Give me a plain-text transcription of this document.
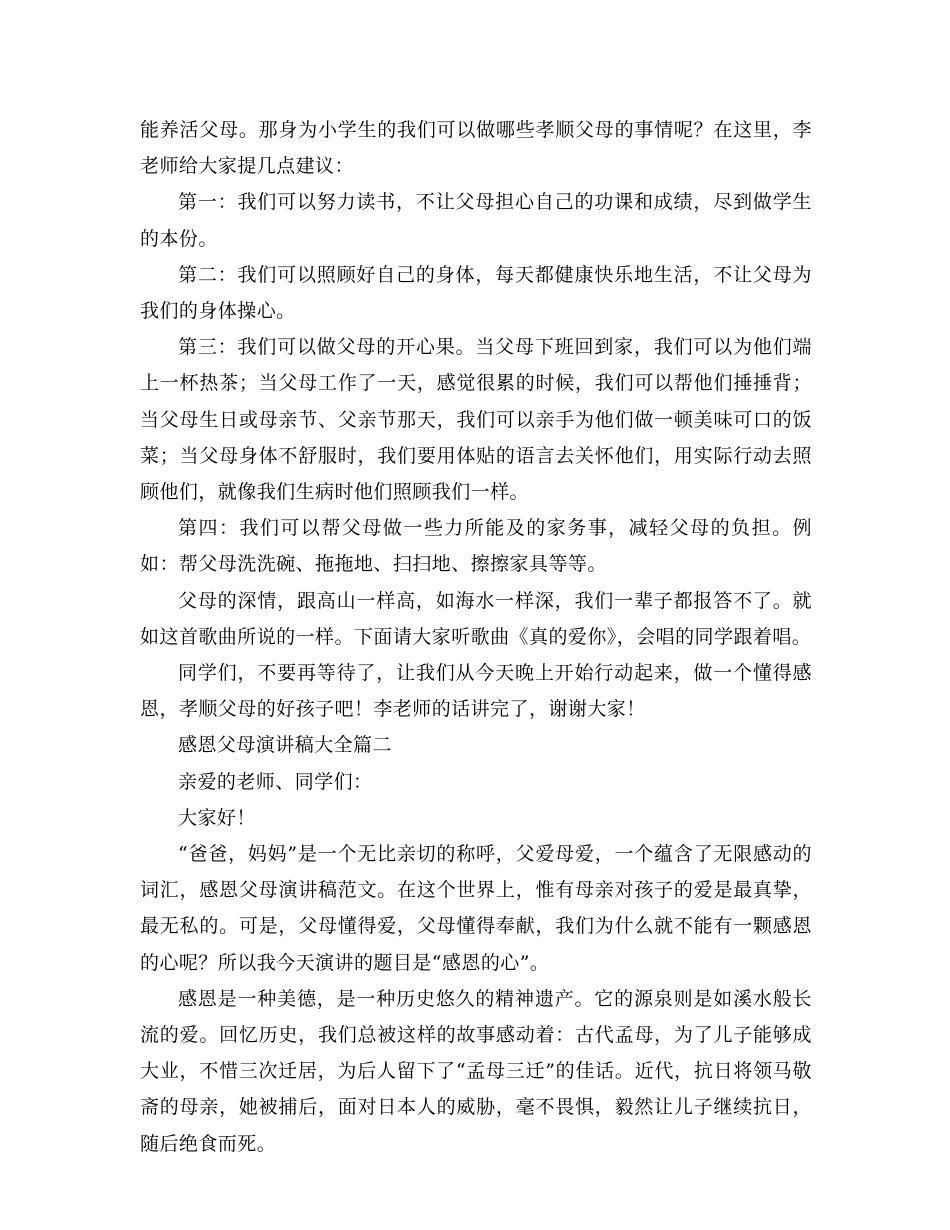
能养活父母。那身为小学生的我们可以做哪些孝顺父母的事情呢？在这里，李老师给大家提几点建议：

第一：我们可以努力读书，不让父母担心自己的功课和成绩，尽到做学生的本份。

第二：我们可以照顾好自己的身体，每天都健康快乐地生活，不让父母为我们的身体操心。

第三：我们可以做父母的开心果。当父母下班回到家，我们可以为他们端上一杯热茶；当父母工作了一天，感觉很累的时候，我们可以帮他们捶捶背；当父母生日或母亲节、父亲节那天，我们可以亲手为他们做一顿美味可口的饭菜；当父母身体不舒服时，我们要用体贴的语言去关怀他们，用实际行动去照顾他们，就像我们生病时他们照顾我们一样。

第四：我们可以帮父母做一些力所能及的家务事，减轻父母的负担。例如：帮父母洗洗碗、拖拖地、扫扫地、擦擦家具等等。

父母的深情，跟高山一样高，如海水一样深，我们一辈子都报答不了。就如这首歌曲所说的一样。下面请大家听歌曲《真的爱你》，会唱的同学跟着唱。

同学们，不要再等待了，让我们从今天晚上开始行动起来，做一个懂得感恩，孝顺父母的好孩子吧！李老师的话讲完了，谢谢大家！

感恩父母演讲稿大全篇二

亲爱的老师、同学们：

大家好！

“爸爸，妈妈”是一个无比亲切的称呼，父爱母爱，一个蕴含了无限感动的词汇，感恩父母演讲稿范文。在这个世界上，惟有母亲对孩子的爱是最真挚，最无私的。可是，父母懂得爱，父母懂得奉献，我们为什么就不能有一颗感恩的心呢？所以我今天演讲的题目是“感恩的心”。

感恩是一种美德，是一种历史悠久的精神遗产。它的源泉则是如溪水般长流的爱。回忆历史，我们总被这样的故事感动着：古代孟母，为了儿子能够成大业，不惜三次迁居，为后人留下了“孟母三迁”的佳话。近代，抗日将领马敬斋的母亲，她被捕后，面对日本人的威胁，毫不畏惧，毅然让儿子继续抗日，随后绝食而死。
